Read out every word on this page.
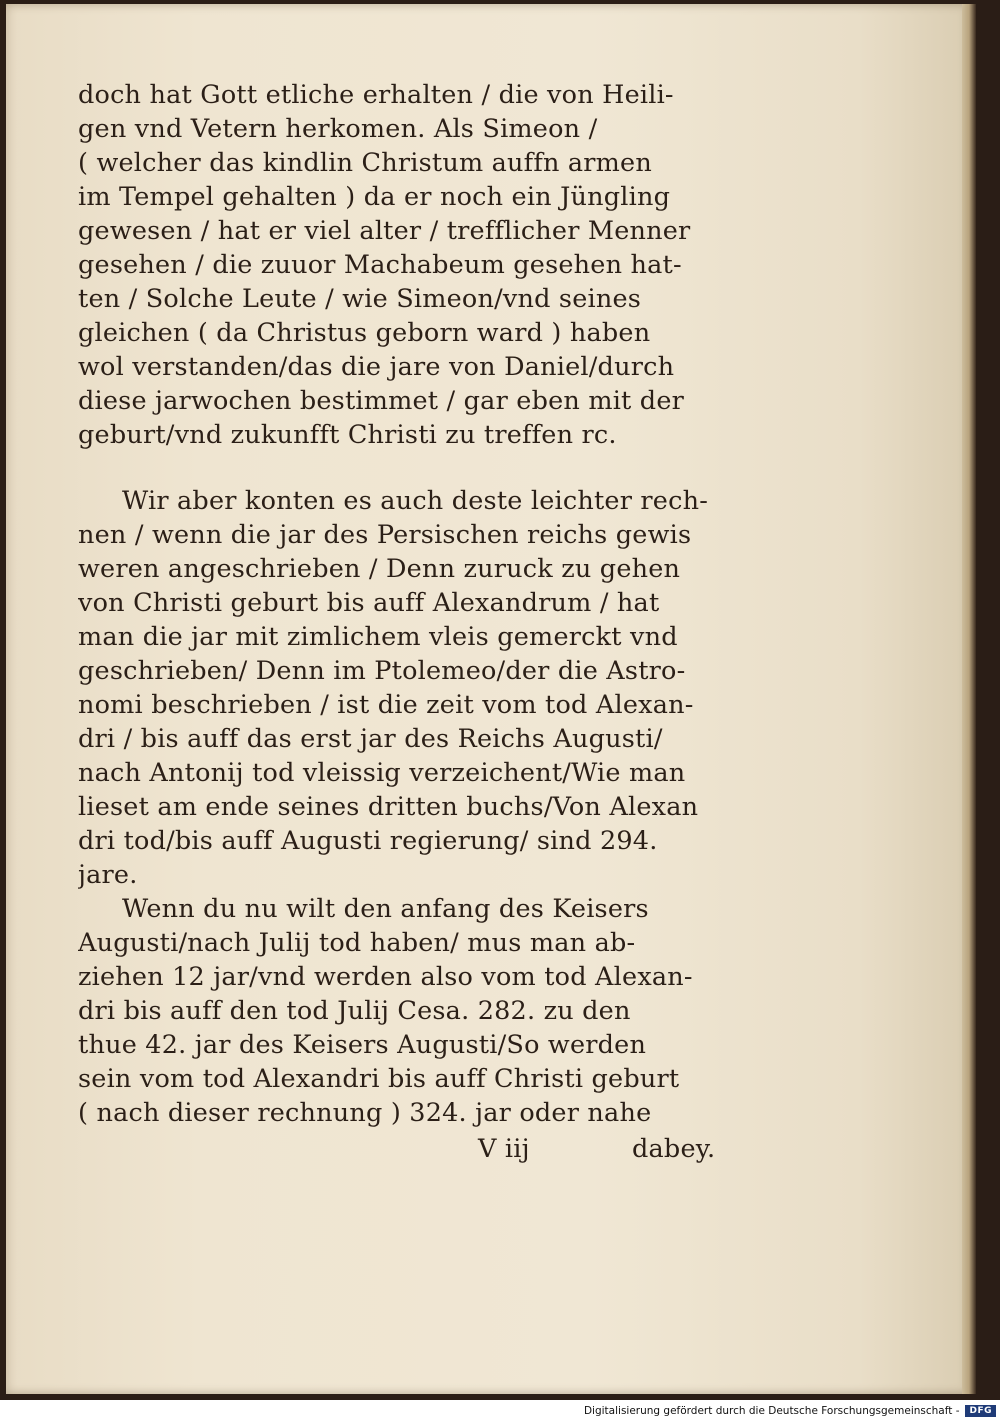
doch hat Gott etliche erhalten / die von Heili-
gen vnd Vetern herkomen. Als Simeon /
( welcher das kindlin Christum auffn armen
im Tempel gehalten ) da er noch ein Jüngling
gewesen / hat er viel alter / trefflicher Menner
gesehen / die zuuor Machabeum gesehen hat-
ten / Solche Leute / wie Simeon/vnd seines
gleichen ( da Christus geborn ward ) haben
wol verstanden/das die jare von Daniel/durch
diese jarwochen bestimmet / gar eben mit der
geburt/vnd zukunfft Christi zu treffen rc.
Wir aber konten es auch deste leichter rech-
nen / wenn die jar des Persischen reichs gewis
weren angeschrieben / Denn zuruck zu gehen
von Christi geburt bis auff Alexandrum / hat
man die jar mit zimlichem vleis gemerckt vnd
geschrieben/ Denn im Ptolemeo/der die Astro-
nomi beschrieben / ist die zeit vom tod Alexan-
dri / bis auff das erst jar des Reichs Augusti/
nach Antonij tod vleissig verzeichent/Wie man
lieset am ende seines dritten buchs/Von Alexan
dri tod/bis auff Augusti regierung/ sind 294.
jare.
Wenn du nu wilt den anfang des Keisers
Augusti/nach Julij tod haben/ mus man ab-
ziehen 12 jar/vnd werden also vom tod Alexan-
dri bis auff den tod Julij Cesa. 282. zu den
thue 42. jar des Keisers Augusti/So werden
sein vom tod Alexandri bis auff Christi geburt
( nach dieser rechnung ) 324. jar oder nahe
V iij	dabey.
Digitalisierung gefördert durch die Deutsche Forschungsgemeinschaft -	DFG
